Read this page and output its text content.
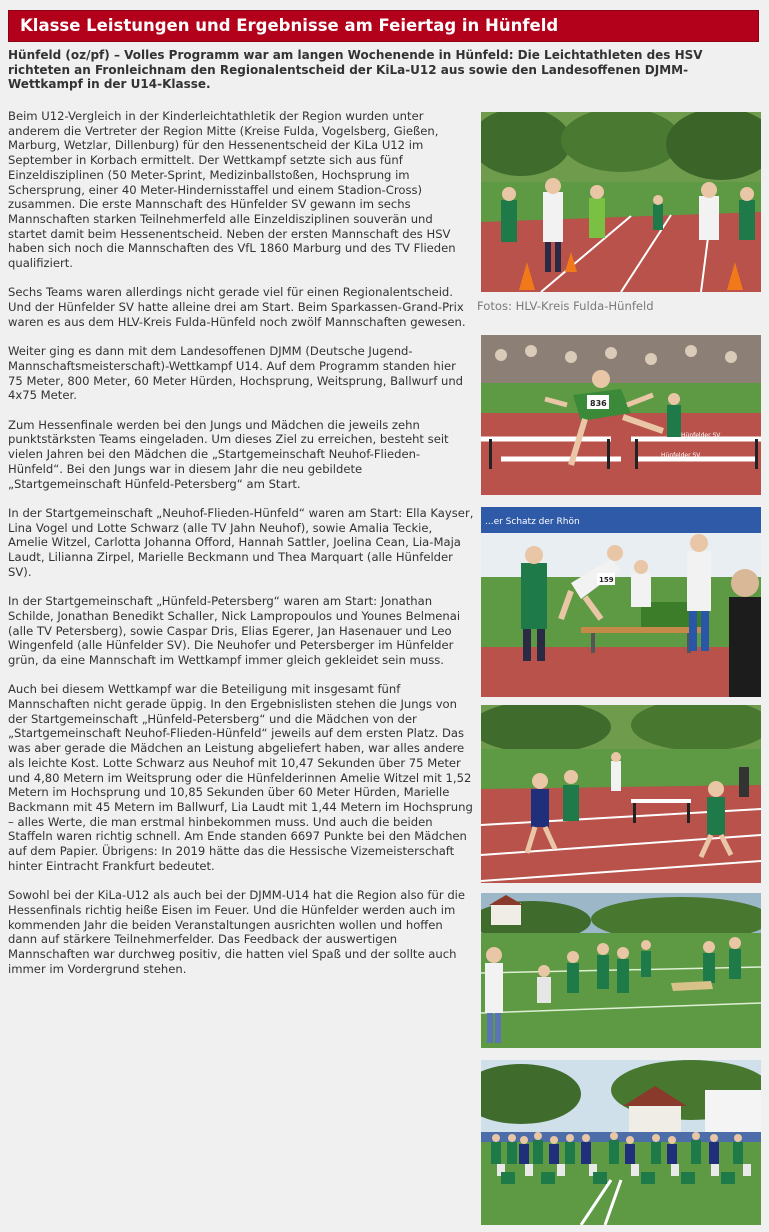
Klasse Leistungen und Ergebnisse am Feiertag in Hünfeld

Hünfeld (oz/pf) – Volles Programm war am langen Wochenende in Hünfeld: Die Leichtathleten des HSV richteten an Fronleichnam den Regionalentscheid der KiLa-U12 aus sowie den Landesoffenen DJMM-Wettkampf in der U14-Klasse.

Beim U12-Vergleich in der Kinderleichtathletik der Region wurden unter anderem die Vertreter der Region Mitte (Kreise Fulda, Vogelsberg, Gießen, Marburg, Wetzlar, Dillenburg) für den Hessenentscheid der KiLa U12 im September in Korbach ermittelt. Der Wettkampf setzte sich aus fünf Einzeldisziplinen (50 Meter-Sprint, Medizinballstoßen, Hochsprung im Schersprung, einer 40 Meter-Hindernisstaffel und einem Stadion-Cross) zusammen. Die erste Mannschaft des Hünfelder SV gewann im sechs Mannschaften starken Teilnehmerfeld alle Einzeldisziplinen souverän und startet damit beim Hessenentscheid. Neben der ersten Mannschaft des HSV haben sich noch die Mannschaften des VfL 1860 Marburg und des TV Flieden qualifiziert.

Sechs Teams waren allerdings nicht gerade viel für einen Regionalentscheid. Und der Hünfelder SV hatte alleine drei am Start. Beim Sparkassen-Grand-Prix waren es aus dem HLV-Kreis Fulda-Hünfeld noch zwölf Mannschaften gewesen.

Weiter ging es dann mit dem Landesoffenen DJMM (Deutsche Jugend-Mannschaftsmeisterschaft)-Wettkampf U14. Auf dem Programm standen hier 75 Meter, 800 Meter, 60 Meter Hürden, Hochsprung, Weitsprung, Ballwurf und 4x75 Meter.

Zum Hessenfinale werden bei den Jungs und Mädchen die jeweils zehn punktstärksten Teams eingeladen. Um dieses Ziel zu erreichen, besteht seit vielen Jahren bei den Mädchen die „Startgemeinschaft Neuhof-Flieden-Hünfeld“. Bei den Jungs war in diesem Jahr die neu gebildete „Startgemeinschaft Hünfeld-Petersberg“ am Start.

In der Startgemeinschaft „Neuhof-Flieden-Hünfeld“ waren am Start: Ella Kayser, Lina Vogel und Lotte Schwarz (alle TV Jahn Neuhof), sowie Amalia Teckie, Amelie Witzel, Carlotta Johanna Offord, Hannah Sattler, Joelina Cean, Lia-Maja Laudt, Lilianna Zirpel, Marielle Beckmann und Thea Marquart (alle Hünfelder SV).

In der Startgemeinschaft „Hünfeld-Petersberg“ waren am Start: Jonathan Schilde, Jonathan Benedikt Schaller, Nick Lampropoulos und Younes Belmenai (alle TV Petersberg), sowie Caspar Dris, Elias Egerer, Jan Hasenauer und Leo Wingenfeld (alle Hünfelder SV). Die Neuhofer und Petersberger im Hünfelder grün, da eine Mannschaft im Wettkampf immer gleich gekleidet sein muss.

Auch bei diesem Wettkampf war die Beteiligung mit insgesamt fünf Mannschaften nicht gerade üppig. In den Ergebnislisten stehen die Jungs von der Startgemeinschaft „Hünfeld-Petersberg“ und die Mädchen von der „Startgemeinschaft Neuhof-Flieden-Hünfeld“ jeweils auf dem ersten Platz. Das was aber gerade die Mädchen an Leistung abgeliefert haben, war alles andere als leichte Kost. Lotte Schwarz aus Neuhof mit 10,47 Sekunden über 75 Meter und 4,80 Metern im Weitsprung oder die Hünfelderinnen Amelie Witzel mit 1,52 Metern im Hochsprung und 10,85 Sekunden über 60 Meter Hürden, Marielle Backmann mit 45 Metern im Ballwurf, Lia Laudt mit 1,44 Metern im Hochsprung – alles Werte, die man erstmal hinbekommen muss. Und auch die beiden Staffeln waren richtig schnell. Am Ende standen 6697 Punkte bei den Mädchen auf dem Papier. Übrigens: In 2019 hätte das die Hessische Vizemeisterschaft hinter Eintracht Frankfurt bedeutet.

Sowohl bei der KiLa-U12 als auch bei der DJMM-U14 hat die Region also für die Hessenfinals richtig heiße Eisen im Feuer. Und die Hünfelder werden auch im kommenden Jahr die beiden Veranstaltungen ausrichten wollen und hoffen dann auf stärkere Teilnehmerfelder. Das Feedback der auswertigen Mannschaften war durchweg positiv, die hatten viel Spaß und der sollte auch immer im Vordergrund stehen.

Fotos: HLV-Kreis Fulda-Hünfeld

Hünfelder SV
Hünfelder SV
836
...er Schatz der Rhön
159
